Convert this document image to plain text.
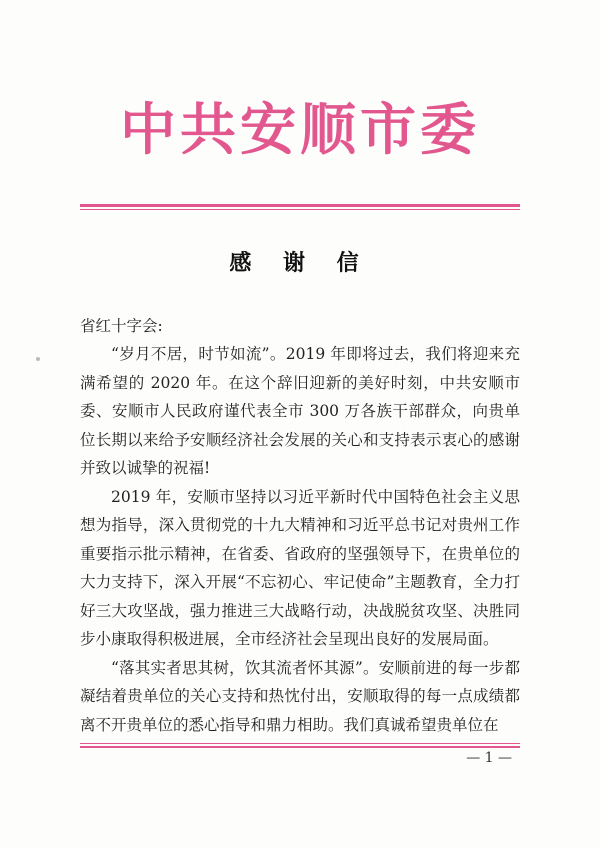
中共安顺市委
感 谢 信
省红十字会:

“岁月不居，时节如流”。2019 年即将过去，我们将迎来充满希望的 2020 年。在这个辞旧迎新的美好时刻，中共安顺市委、安顺市人民政府谨代表全市 300 万各族干部群众，向贵单位长期以来给予安顺经济社会发展的关心和支持表示衷心的感谢并致以诚挚的祝福!

2019 年，安顺市坚持以习近平新时代中国特色社会主义思想为指导，深入贯彻党的十九大精神和习近平总书记对贵州工作重要指示批示精神，在省委、省政府的坚强领导下，在贵单位的大力支持下，深入开展“不忘初心、牢记使命”主题教育，全力打好三大攻坚战，强力推进三大战略行动，决战脱贫攻坚、决胜同步小康取得积极进展，全市经济社会呈现出良好的发展局面。

“落其实者思其树，饮其流者怀其源”。安顺前进的每一步都凝结着贵单位的关心支持和热忱付出，安顺取得的每一点成绩都离不开贵单位的悉心指导和鼎力相助。我们真诚希望贵单位在

— 1 —
